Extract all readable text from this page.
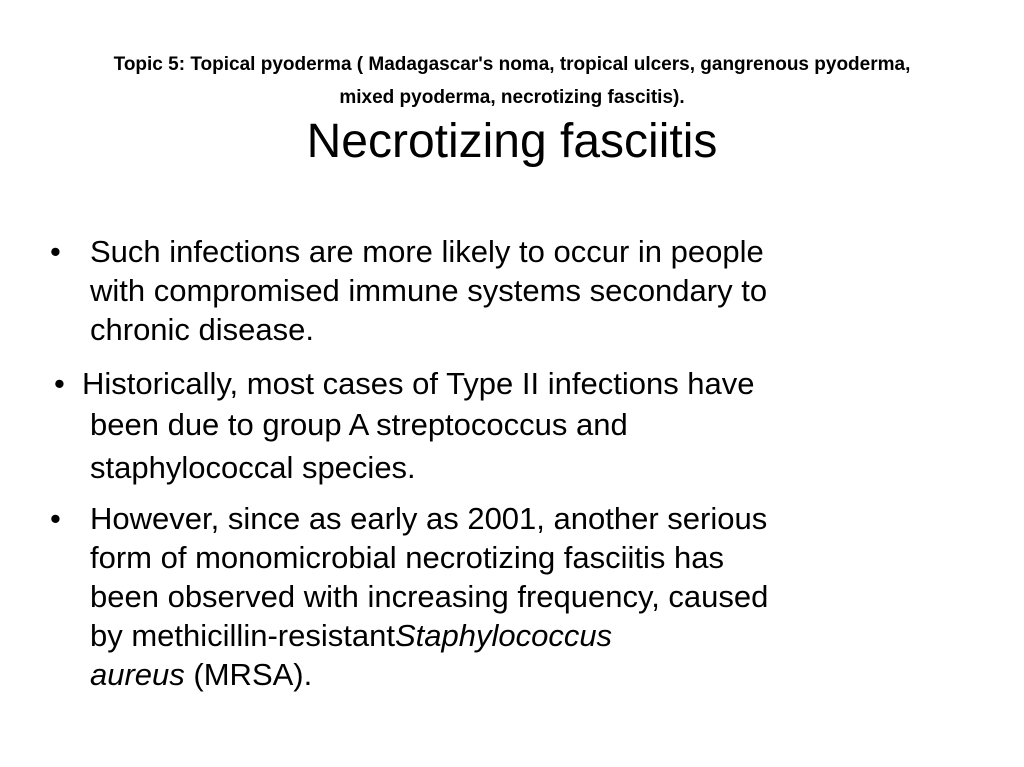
Topic 5: Topical pyoderma ( Madagascar's noma, tropical ulcers, gangrenous pyoderma,
mixed pyoderma, necrotizing fascitis).
Necrotizing fasciitis
• Such infections are more likely to occur in people
with compromised immune systems secondary to
chronic disease.
• Historically, most cases of Type II infections have
been due to group A streptococcus and
staphylococcal species.
• However, since as early as 2001, another serious
form of monomicrobial necrotizing fasciitis has
been observed with increasing frequency, caused
by methicillin-resistantStaphylococcus
aureus (MRSA).
